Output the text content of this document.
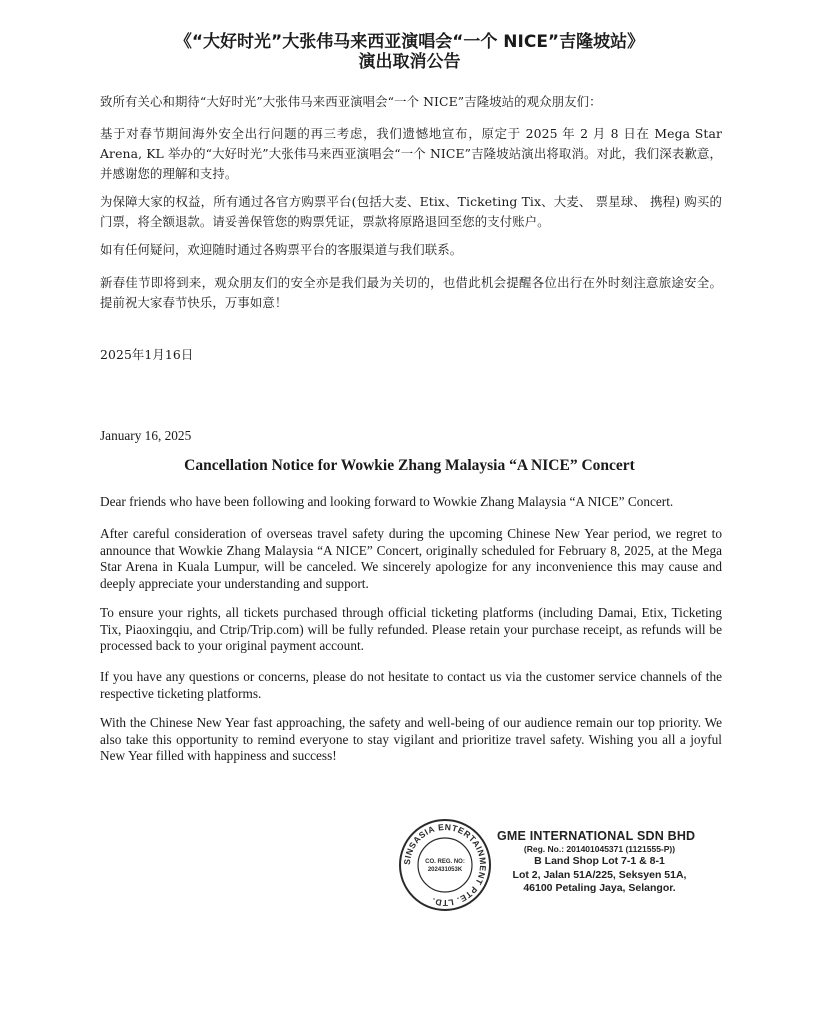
《“大好时光”大张伟马来西亚演唱会“一个 NICE”吉隆坡站》
演出取消公告
致所有关心和期待“大好时光”大张伟马来西亚演唱会“一个 NICE”吉隆坡站的观众朋友们：
基于对春节期间海外安全出行问题的再三考虑，我们遗憾地宣布，原定于 2025 年 2 月 8 日在 Mega Star Arena, KL 举办的“大好时光”大张伟马来西亚演唱会“一个 NICE”吉隆坡站演出将取消。对此，我们深表歉意，并感谢您的理解和支持。
为保障大家的权益，所有通过各官方购票平台(包括大麦、Etix、Ticketing Tix、大麦、 票星球、 携程) 购买的门票，将全额退款。请妥善保管您的购票凭证，票款将原路退回至您的支付账户。
如有任何疑问，欢迎随时通过各购票平台的客服渠道与我们联系。
新春佳节即将到来，观众朋友们的安全亦是我们最为关切的，也借此机会提醒各位出行在外时刻注意旅途安全。提前祝大家春节快乐，万事如意！
2025年1月16日
January 16, 2025
Cancellation Notice for Wowkie Zhang Malaysia “A NICE” Concert
Dear friends who have been following and looking forward to Wowkie Zhang Malaysia “A NICE” Concert.
After careful consideration of overseas travel safety during the upcoming Chinese New Year period, we regret to announce that Wowkie Zhang Malaysia “A NICE” Concert, originally scheduled for February 8, 2025, at the Mega Star Arena in Kuala Lumpur, will be canceled. We sincerely apologize for any inconvenience this may cause and deeply appreciate your understanding and support.
To ensure your rights, all tickets purchased through official ticketing platforms (including Damai, Etix, Ticketing Tix, Piaoxingqiu, and Ctrip/Trip.com) will be fully refunded. Please retain your purchase receipt, as refunds will be processed back to your original payment account.
If you have any questions or concerns, please do not hesitate to contact us via the customer service channels of the respective ticketing platforms.
With the Chinese New Year fast approaching, the safety and well-being of our audience remain our top priority. We also take this opportunity to remind everyone to stay vigilant and prioritize travel safety. Wishing you all a joyful New Year filled with happiness and success!
SINSASIA ENTERTAINMENT PTE. LTD.
CO. REG. NO:
202431053K
GME INTERNATIONAL SDN BHD
(Reg. No.: 201401045371 (1121555-P))
B Land Shop Lot 7-1 & 8-1
Lot 2, Jalan 51A/225, Seksyen 51A,
46100 Petaling Jaya, Selangor.
